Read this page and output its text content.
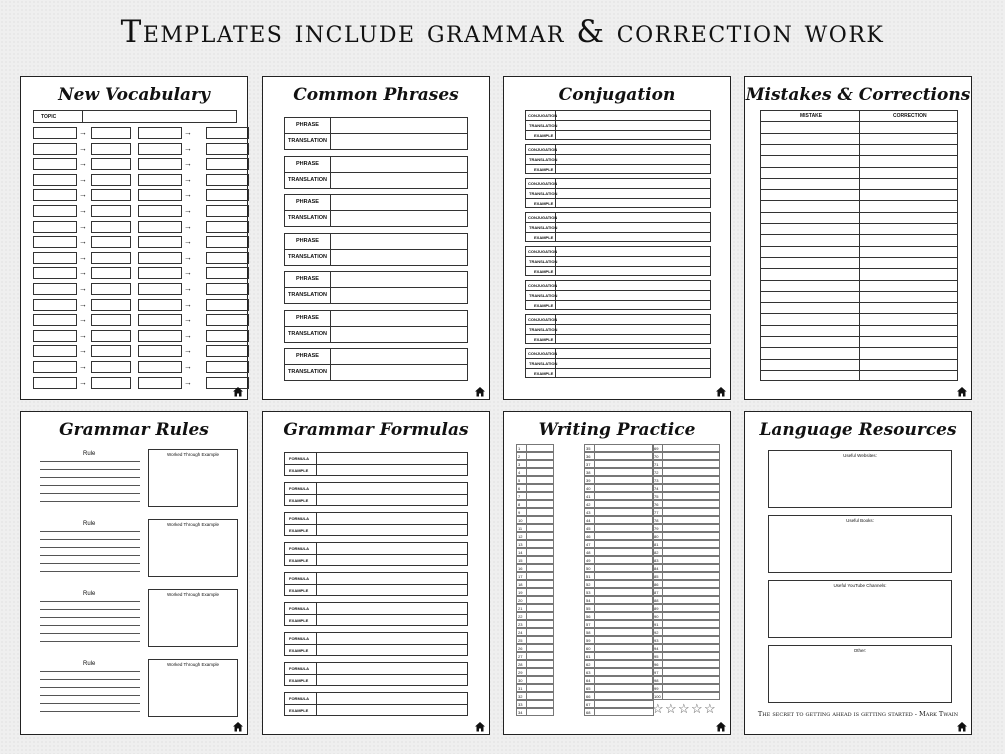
Templates include grammar & correction work
New Vocabulary
TOPIC
→	→
→	→
→	→
→	→
→	→
→	→
→	→
→	→
→	→
→	→
→	→
→	→
→	→
→	→
→	→
→	→
→	→
Common Phrases
PHRASE
TRANSLATION
PHRASE
TRANSLATION
PHRASE
TRANSLATION
PHRASE
TRANSLATION
PHRASE
TRANSLATION
PHRASE
TRANSLATION
PHRASE
TRANSLATION
Conjugation
CONJUGATION
TRANSLATION
EXAMPLE
CONJUGATION
TRANSLATION
EXAMPLE
CONJUGATION
TRANSLATION
EXAMPLE
CONJUGATION
TRANSLATION
EXAMPLE
CONJUGATION
TRANSLATION
EXAMPLE
CONJUGATION
TRANSLATION
EXAMPLE
CONJUGATION
TRANSLATION
EXAMPLE
CONJUGATION
TRANSLATION
EXAMPLE
Mistakes & Corrections
MISTAKE	CORRECTION
Grammar Rules
Rule	Worked Through Example
Rule	Worked Through Example
Rule	Worked Through Example
Rule	Worked Through Example
Grammar Formulas
FORMULA
EXAMPLE
FORMULA
EXAMPLE
FORMULA
EXAMPLE
FORMULA
EXAMPLE
FORMULA
EXAMPLE
FORMULA
EXAMPLE
FORMULA
EXAMPLE
FORMULA
EXAMPLE
FORMULA
EXAMPLE
Writing Practice
1
2
3
4
5
6
7
8
9
10
11
12
13
14
15
16
17
18
19
20
21
22
23
24
25
26
27
28
29
30
31
32
33
34
35
36
37
38
39
40
41
42
43
44
45
46
47
48
49
50
51
52
53
54
55
56
57
58
59
60
61
62
63
64
65
66
67
68
69
70
71
72
73
74
75
76
77
78
79
80
81
82
83
84
85
86
87
88
89
90
91
92
93
94
95
96
97
98
99
100
☆ ☆ ☆ ☆ ☆
Language Resources
Useful Websites:
Useful Books:
Useful YouTube Channels:
Other:
The secret to getting ahead is getting started - Mark Twain
